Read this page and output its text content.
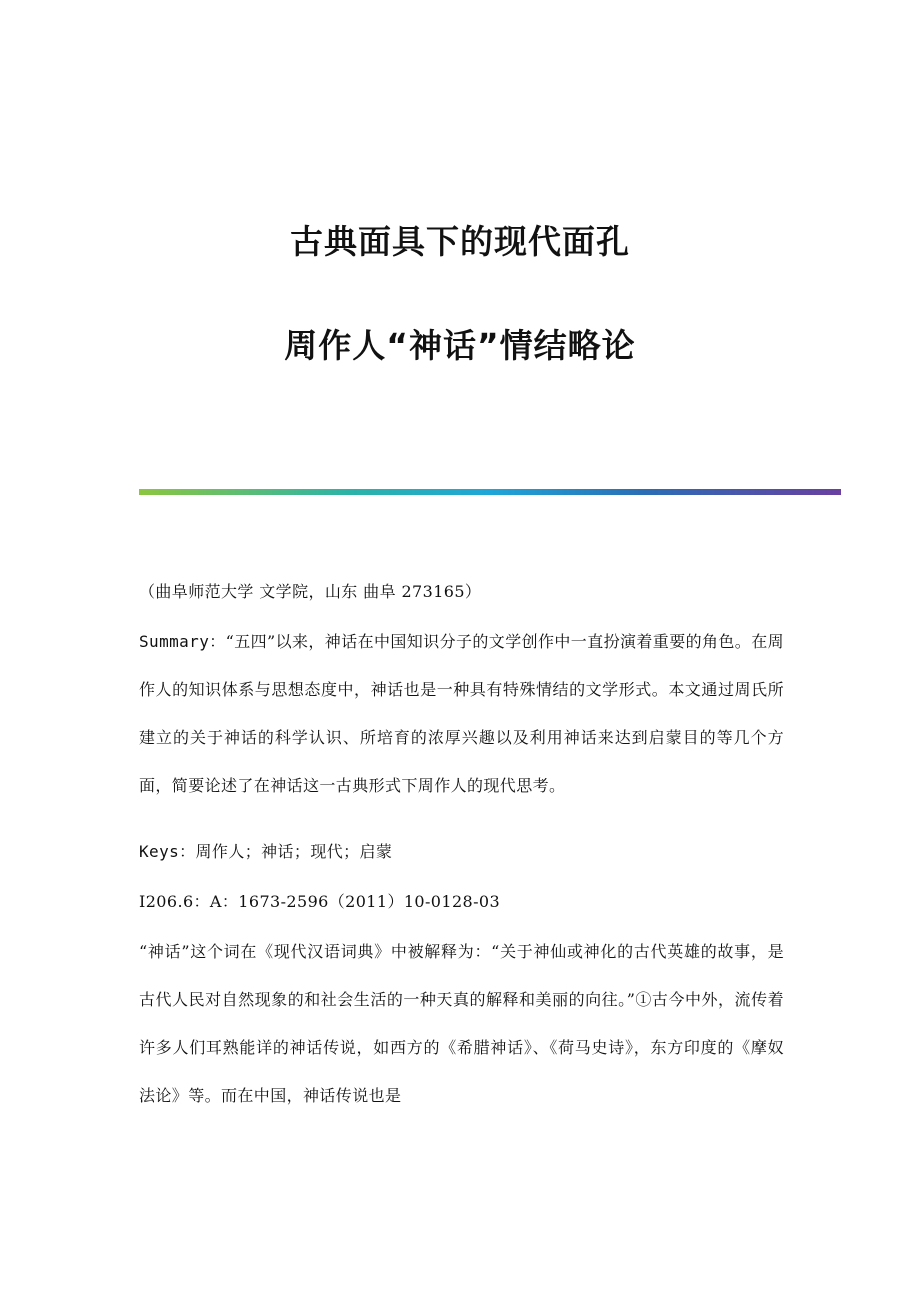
古典面具下的现代面孔
周作人“神话”情结略论

（曲阜师范大学 文学院，山东 曲阜 273165）

Summary：“五四”以来，神话在中国知识分子的文学创作中一直扮演着重要的角色。在周作人的知识体系与思想态度中，神话也是一种具有特殊情结的文学形式。本文通过周氏所建立的关于神话的科学认识、所培育的浓厚兴趣以及利用神话来达到启蒙目的等几个方面，简要论述了在神话这一古典形式下周作人的现代思考。

Keys：周作人；神话；现代；启蒙

I206.6：A：1673-2596（2011）10-0128-03

“神话”这个词在《现代汉语词典》中被解释为：“关于神仙或神化的古代英雄的故事，是古代人民对自然现象的和社会生活的一种天真的解释和美丽的向往。”①古今中外，流传着许多人们耳熟能详的神话传说，如西方的《希腊神话》、《荷马史诗》，东方印度的《摩奴法论》等。而在中国，神话传说也是
